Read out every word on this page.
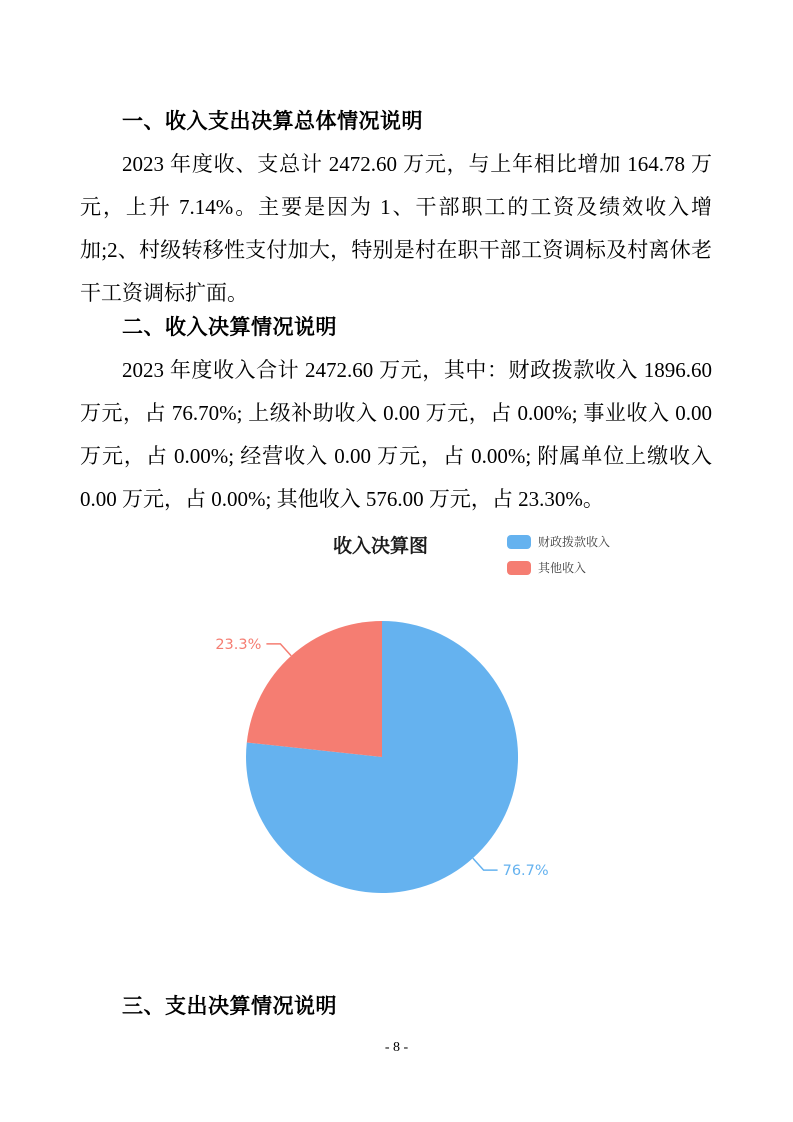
一、收入支出决算总体情况说明

2023 年度收、支总计 2472.60 万元，与上年相比增加 164.78 万元，上升 7.14%。主要是因为 1、干部职工的工资及绩效收入增加;2、村级转移性支付加大，特别是村在职干部工资调标及村离休老干工资调标扩面。

二、收入决算情况说明

2023 年度收入合计 2472.60 万元，其中：财政拨款收入 1896.60 万元，占 76.70%; 上级补助收入 0.00 万元，占 0.00%; 事业收入 0.00 万元，占 0.00%; 经营收入 0.00 万元，占 0.00%; 附属单位上缴收入 0.00 万元，占 0.00%; 其他收入 576.00 万元，占 23.30%。

收入决算图	财政拨款收入
其他收入
76.7%
23.3%
三、支出决算情况说明
- 8 -
